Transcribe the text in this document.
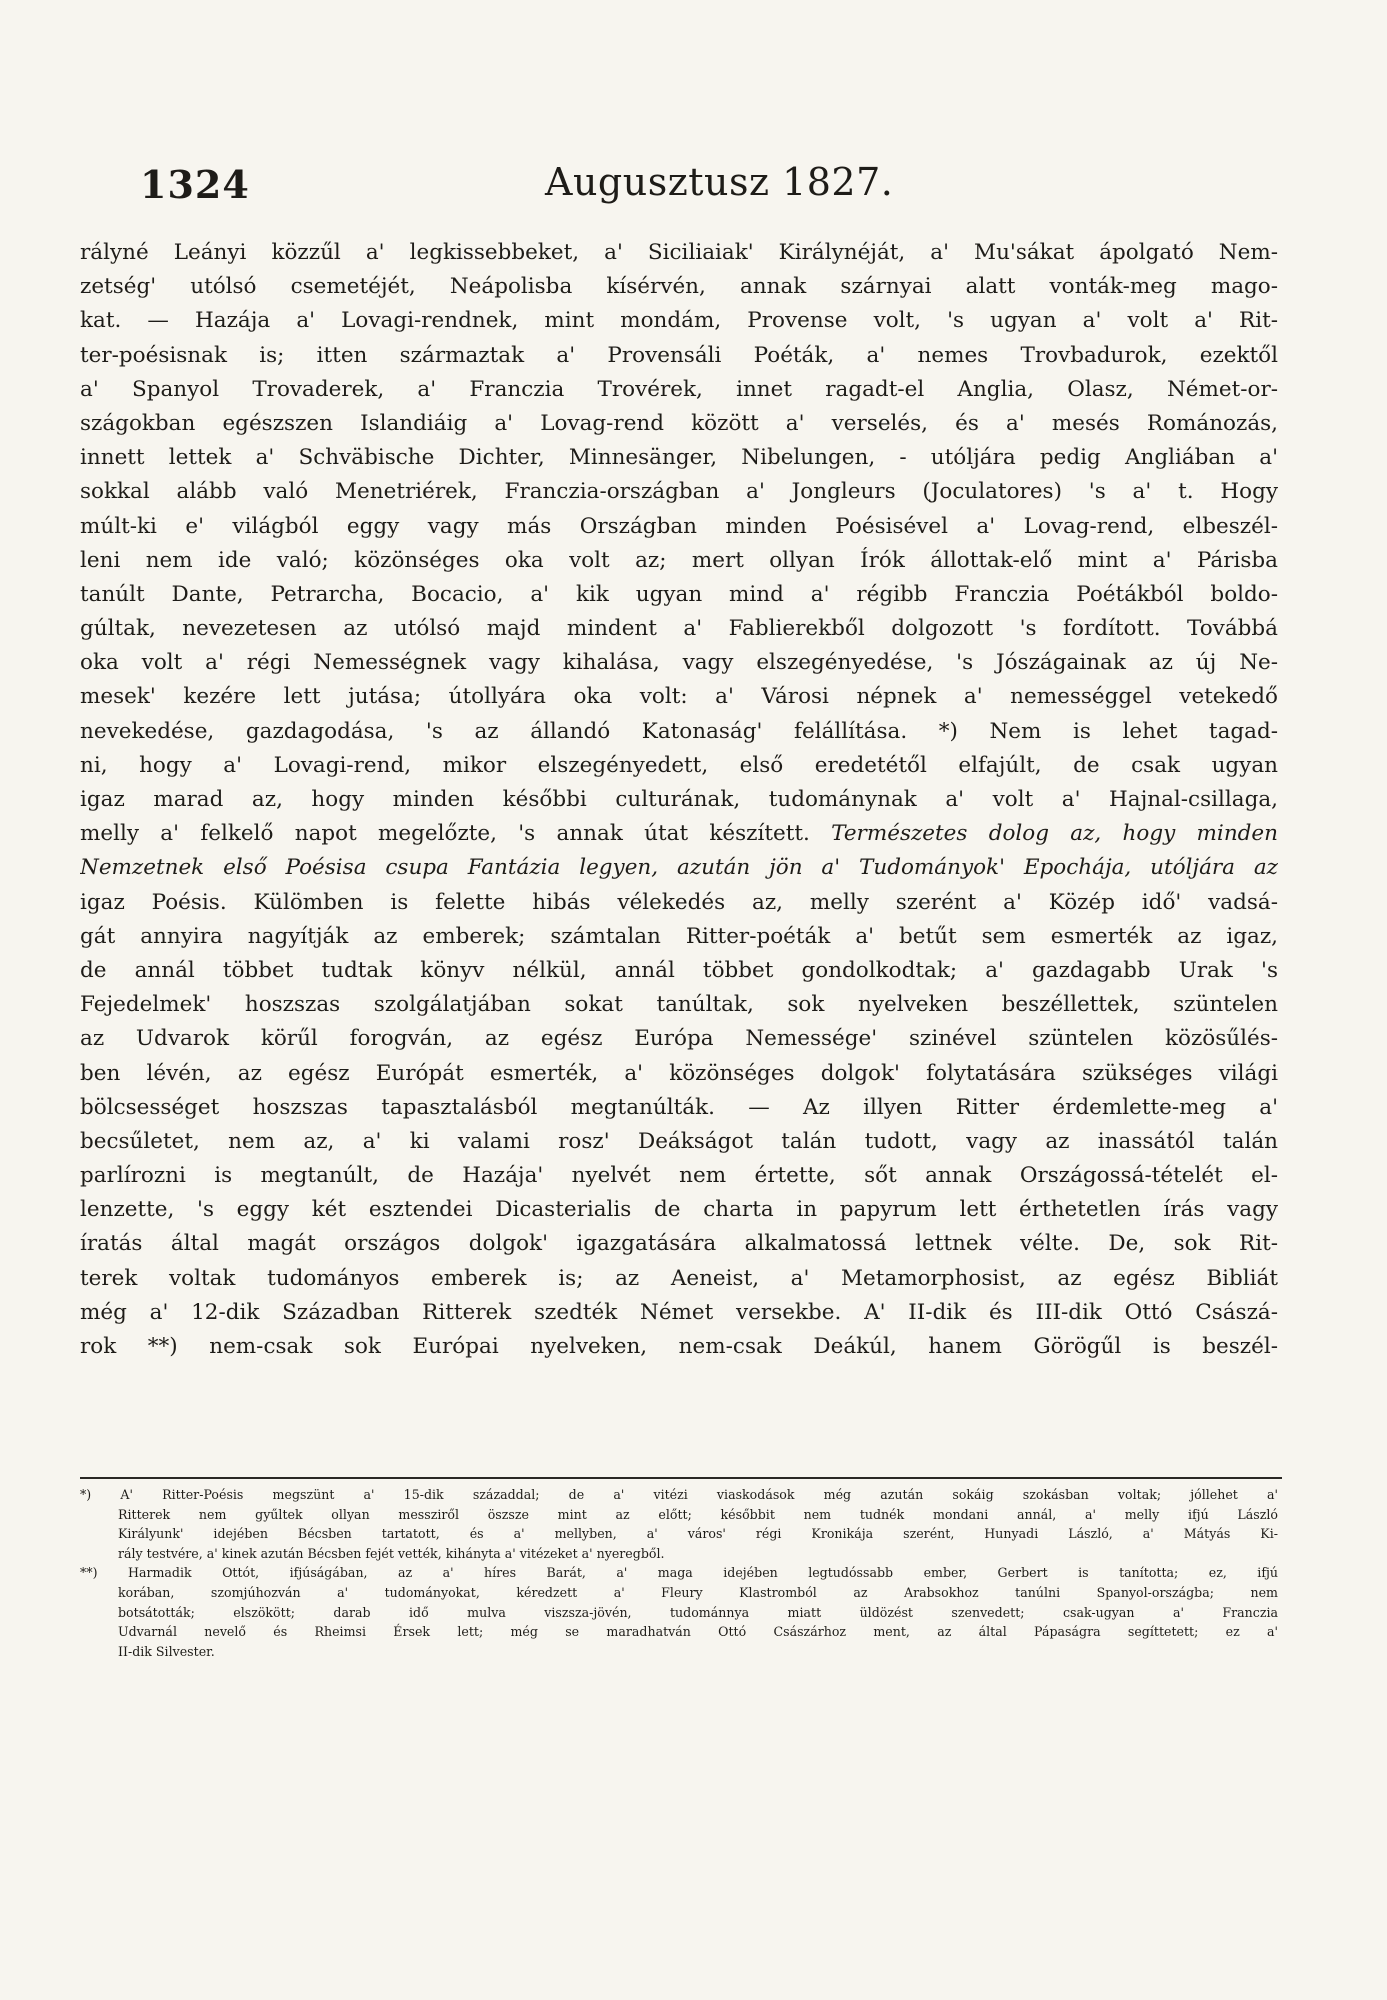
1324	Augusztusz 1827.
rályné Leányi közzűl a' legkissebbeket, a' Siciliaiak' Királynéját, a' Mu'sákat ápolgató Nem-
zetség' utólsó csemetéjét, Neápolisba kísérvén, annak szárnyai alatt vonták-meg mago-
kat. — Hazája a' Lovagi-rendnek, mint mondám, Provense volt, 's ugyan a' volt a' Rit-
ter-poésisnak is; itten származtak a' Provensáli Poéták, a' nemes Trovbadurok, ezektől
a' Spanyol Trovaderek, a' Franczia Trovérek, innet ragadt-el Anglia, Olasz, Német-or-
szágokban egészszen Islandiáig a' Lovag-rend között a' verselés, és a' mesés Románozás,
innett lettek a' Schväbische Dichter, Minnesänger, Nibelungen, - utóljára pedig Angliában a'
sokkal alább való Menetriérek, Franczia-országban a' Jongleurs (Joculatores) 's a' t. Hogy
múlt-ki e' világból eggy vagy más Országban minden Poésisével a' Lovag-rend, elbeszél-
leni nem ide való; közönséges oka volt az; mert ollyan Írók állottak-elő mint a' Párisba
tanúlt Dante, Petrarcha, Bocacio, a' kik ugyan mind a' régibb Franczia Poétákból boldo-
gúltak, nevezetesen az utólsó majd mindent a' Fablierekből dolgozott 's fordított. Továbbá
oka volt a' régi Nemességnek vagy kihalása, vagy elszegényedése, 's Jószágainak az új Ne-
mesek' kezére lett jutása; útollyára oka volt: a' Városi népnek a' nemességgel vetekedő
nevekedése, gazdagodása, 's az állandó Katonaság' felállítása. *) Nem is lehet tagad-
ni, hogy a' Lovagi-rend, mikor elszegényedett, első eredetétől elfajúlt, de csak ugyan
igaz marad az, hogy minden későbbi culturának, tudománynak a' volt a' Hajnal-csillaga,
melly a' felkelő napot megelőzte, 's annak útat készített. Természetes dolog az, hogy minden
Nemzetnek első Poésisa csupa Fantázia legyen, azután jön a' Tudományok' Epochája, utóljára az
igaz Poésis. Külömben is felette hibás vélekedés az, melly szerént a' Közép idő' vadsá-
gát annyira nagyítják az emberek; számtalan Ritter-poéták a' betűt sem esmerték az igaz,
de annál többet tudtak könyv nélkül, annál többet gondolkodtak; a' gazdagabb Urak 's
Fejedelmek' hoszszas szolgálatjában sokat tanúltak, sok nyelveken beszéllettek, szüntelen
az Udvarok körűl forogván, az egész Európa Nemessége' szinével szüntelen közösűlés-
ben lévén, az egész Európát esmerték, a' közönséges dolgok' folytatására szükséges világi
bölcsességet hoszszas tapasztalásból megtanúlták. — Az illyen Ritter érdemlette-meg a'
becsűletet, nem az, a' ki valami rosz' Deákságot talán tudott, vagy az inassától talán
parlírozni is megtanúlt, de Hazája' nyelvét nem értette, sőt annak Országossá-tételét el-
lenzette, 's eggy két esztendei Dicasterialis de charta in papyrum lett érthetetlen írás vagy
íratás által magát országos dolgok' igazgatására alkalmatossá lettnek vélte. De, sok Rit-
terek voltak tudományos emberek is; az Aeneist, a' Metamorphosist, az egész Bibliát
még a' 12-dik Században Ritterek szedték Német versekbe. A' II-dik és III-dik Ottó Császá-
rok **) nem-csak sok Európai nyelveken, nem-csak Deákúl, hanem Görögűl is beszél-
*) A' Ritter-Poésis megszünt a' 15-dik századdal; de a' vitézi viaskodások még azután sokáig szokásban voltak; jóllehet a'
Ritterek nem gyűltek ollyan messziről öszsze mint az előtt; későbbit nem tudnék mondani annál, a' melly ifjú László
Királyunk' idejében Bécsben tartatott, és a' mellyben, a' város' régi Kronikája szerént, Hunyadi László, a' Mátyás Ki-
rály testvére, a' kinek azután Bécsben fejét vették, kihányta a' vitézeket a' nyeregből.
**) Harmadik Ottót, ifjúságában, az a' híres Barát, a' maga idejében legtudóssabb ember, Gerbert is tanította; ez, ifjú
korában, szomjúhozván a' tudományokat, kéredzett a' Fleury Klastromból az Arabsokhoz tanúlni Spanyol-országba; nem
botsátották; elszökött; darab idő mulva viszsza-jövén, tudománnya miatt üldözést szenvedett; csak-ugyan a' Franczia
Udvarnál nevelő és Rheimsi Érsek lett; még se maradhatván Ottó Császárhoz ment, az által Pápaságra segíttetett; ez a'
II-dik Silvester.
